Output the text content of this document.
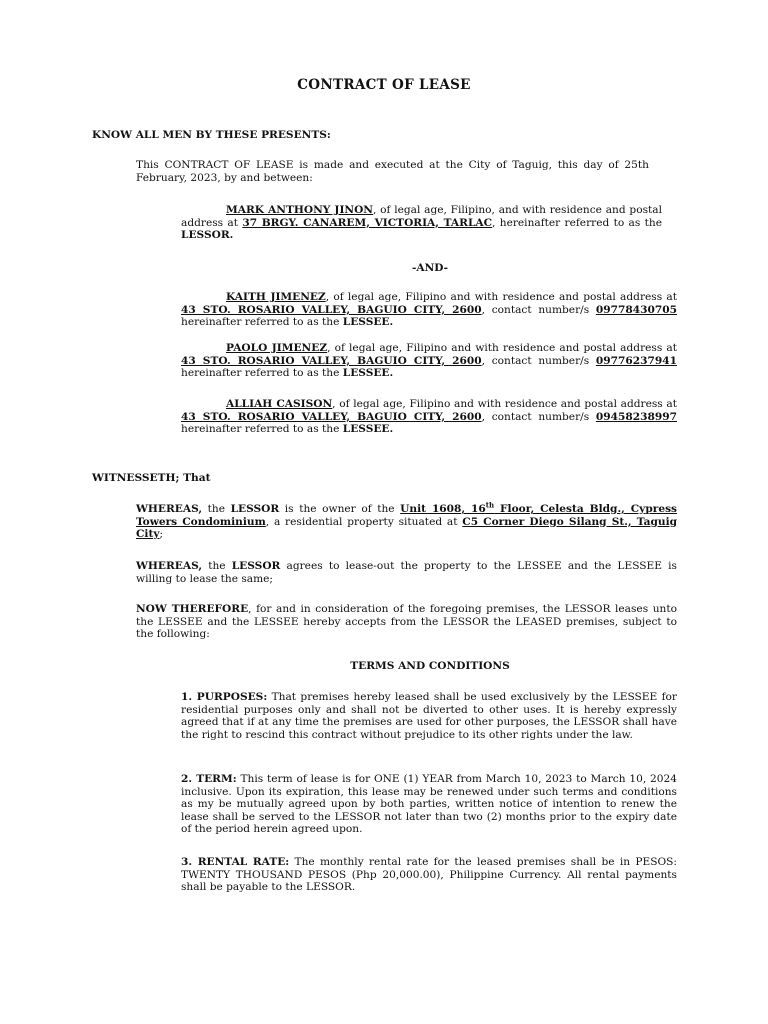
CONTRACT OF LEASE
KNOW ALL MEN BY THESE PRESENTS:
This CONTRACT OF LEASE is made and executed at the City of Taguig, this day of 25th February, 2023, by and between:
MARK ANTHONY JINON, of legal age, Filipino, and with residence and postal address at 37 BRGY. CANAREM, VICTORIA, TARLAC, hereinafter referred to as the LESSOR.
-AND-
KAITH JIMENEZ, of legal age, Filipino and with residence and postal address at 43 STO. ROSARIO VALLEY, BAGUIO CITY, 2600, contact number/s 09778430705 hereinafter referred to as the LESSEE.
PAOLO JIMENEZ, of legal age, Filipino and with residence and postal address at 43 STO. ROSARIO VALLEY, BAGUIO CITY, 2600, contact number/s 09776237941 hereinafter referred to as the LESSEE.
ALLIAH CASISON, of legal age, Filipino and with residence and postal address at 43 STO. ROSARIO VALLEY, BAGUIO CITY, 2600, contact number/s 09458238997 hereinafter referred to as the LESSEE.
WITNESSETH; That
WHEREAS, the LESSOR is the owner of the Unit 1608, 16th Floor, Celesta Bldg., Cypress Towers Condominium, a residential property situated at C5 Corner Diego Silang St., Taguig City;
WHEREAS, the LESSOR agrees to lease-out the property to the LESSEE and the LESSEE is willing to lease the same;
NOW THEREFORE, for and in consideration of the foregoing premises, the LESSOR leases unto the LESSEE and the LESSEE hereby accepts from the LESSOR the LEASED premises, subject to the following:
TERMS AND CONDITIONS
1. PURPOSES: That premises hereby leased shall be used exclusively by the LESSEE for residential purposes only and shall not be diverted to other uses. It is hereby expressly agreed that if at any time the premises are used for other purposes, the LESSOR shall have the right to rescind this contract without prejudice to its other rights under the law.
2. TERM: This term of lease is for ONE (1) YEAR from March 10, 2023 to March 10, 2024 inclusive. Upon its expiration, this lease may be renewed under such terms and conditions as my be mutually agreed upon by both parties, written notice of intention to renew the lease shall be served to the LESSOR not later than two (2) months prior to the expiry date of the period herein agreed upon.
3. RENTAL RATE: The monthly rental rate for the leased premises shall be in PESOS: TWENTY THOUSAND PESOS (Php 20,000.00), Philippine Currency. All rental payments shall be payable to the LESSOR.
